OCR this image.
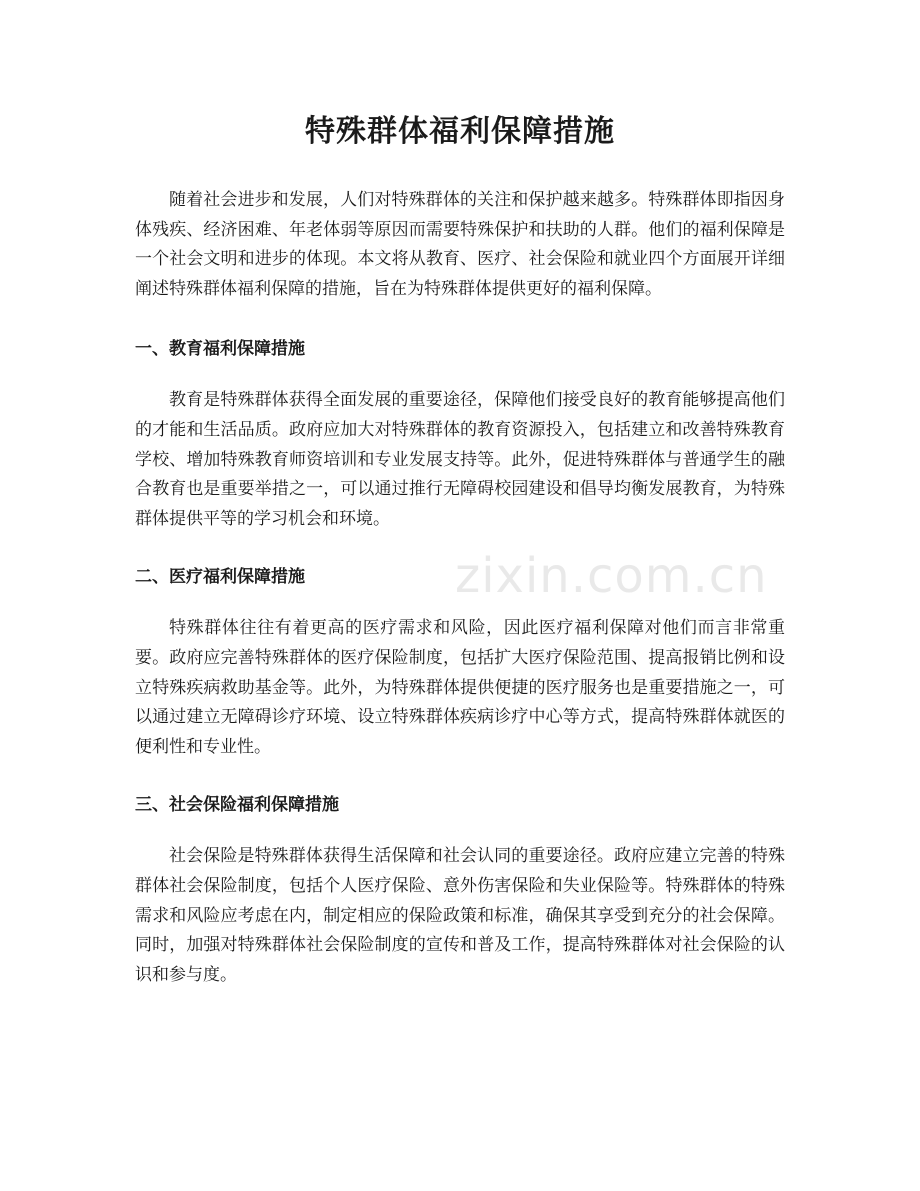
特殊群体福利保障措施

随着社会进步和发展，人们对特殊群体的关注和保护越来越多。特殊群体即指因身体残疾、经济困难、年老体弱等原因而需要特殊保护和扶助的人群。他们的福利保障是一个社会文明和进步的体现。本文将从教育、医疗、社会保险和就业四个方面展开详细阐述特殊群体福利保障的措施，旨在为特殊群体提供更好的福利保障。

一、教育福利保障措施

教育是特殊群体获得全面发展的重要途径，保障他们接受良好的教育能够提高他们的才能和生活品质。政府应加大对特殊群体的教育资源投入，包括建立和改善特殊教育学校、增加特殊教育师资培训和专业发展支持等。此外，促进特殊群体与普通学生的融合教育也是重要举措之一，可以通过推行无障碍校园建设和倡导均衡发展教育，为特殊群体提供平等的学习机会和环境。

二、医疗福利保障措施

特殊群体往往有着更高的医疗需求和风险，因此医疗福利保障对他们而言非常重要。政府应完善特殊群体的医疗保险制度，包括扩大医疗保险范围、提高报销比例和设立特殊疾病救助基金等。此外，为特殊群体提供便捷的医疗服务也是重要措施之一，可以通过建立无障碍诊疗环境、设立特殊群体疾病诊疗中心等方式，提高特殊群体就医的便利性和专业性。

三、社会保险福利保障措施

社会保险是特殊群体获得生活保障和社会认同的重要途径。政府应建立完善的特殊群体社会保险制度，包括个人医疗保险、意外伤害保险和失业保险等。特殊群体的特殊需求和风险应考虑在内，制定相应的保险政策和标准，确保其享受到充分的社会保障。同时，加强对特殊群体社会保险制度的宣传和普及工作，提高特殊群体对社会保险的认识和参与度。

zixin.com.cn
